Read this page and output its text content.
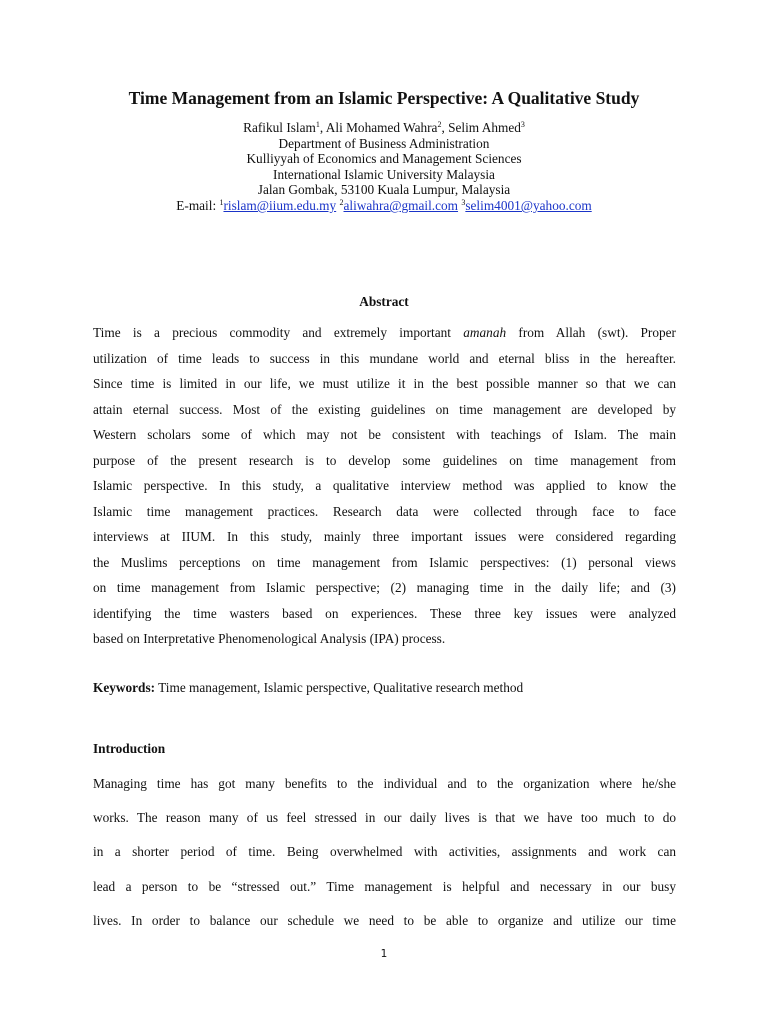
Time Management from an Islamic Perspective: A Qualitative Study
Rafikul Islam$^1$, Ali Mohamed Wahra$^2$, Selim Ahmed$^3$
Department of Business Administration
Kulliyyah of Economics and Management Sciences
International Islamic University Malaysia
Jalan Gombak, 53100 Kuala Lumpur, Malaysia
E-mail: $^1$rislam@iium.edu.my $^2$aliwahra@gmail.com $^3$selim4001@yahoo.com
Abstract
Time is a precious commodity and extremely important amanah from Allah (swt). Proper
utilization of time leads to success in this mundane world and eternal bliss in the hereafter.
Since time is limited in our life, we must utilize it in the best possible manner so that we can
attain eternal success. Most of the existing guidelines on time management are developed by
Western scholars some of which may not be consistent with teachings of Islam. The main
purpose of the present research is to develop some guidelines on time management from
Islamic perspective. In this study, a qualitative interview method was applied to know the
Islamic time management practices. Research data were collected through face to face
interviews at IIUM. In this study, mainly three important issues were considered regarding
the Muslims perceptions on time management from Islamic perspectives: (1) personal views
on time management from Islamic perspective; (2) managing time in the daily life; and (3)
identifying the time wasters based on experiences. These three key issues were analyzed
based on Interpretative Phenomenological Analysis (IPA) process.
Keywords: Time management, Islamic perspective, Qualitative research method
Introduction
Managing time has got many benefits to the individual and to the organization where he/she
works. The reason many of us feel stressed in our daily lives is that we have too much to do
in a shorter period of time. Being overwhelmed with activities, assignments and work can
lead a person to be “stressed out.” Time management is helpful and necessary in our busy
lives. In order to balance our schedule we need to be able to organize and utilize our time
1
